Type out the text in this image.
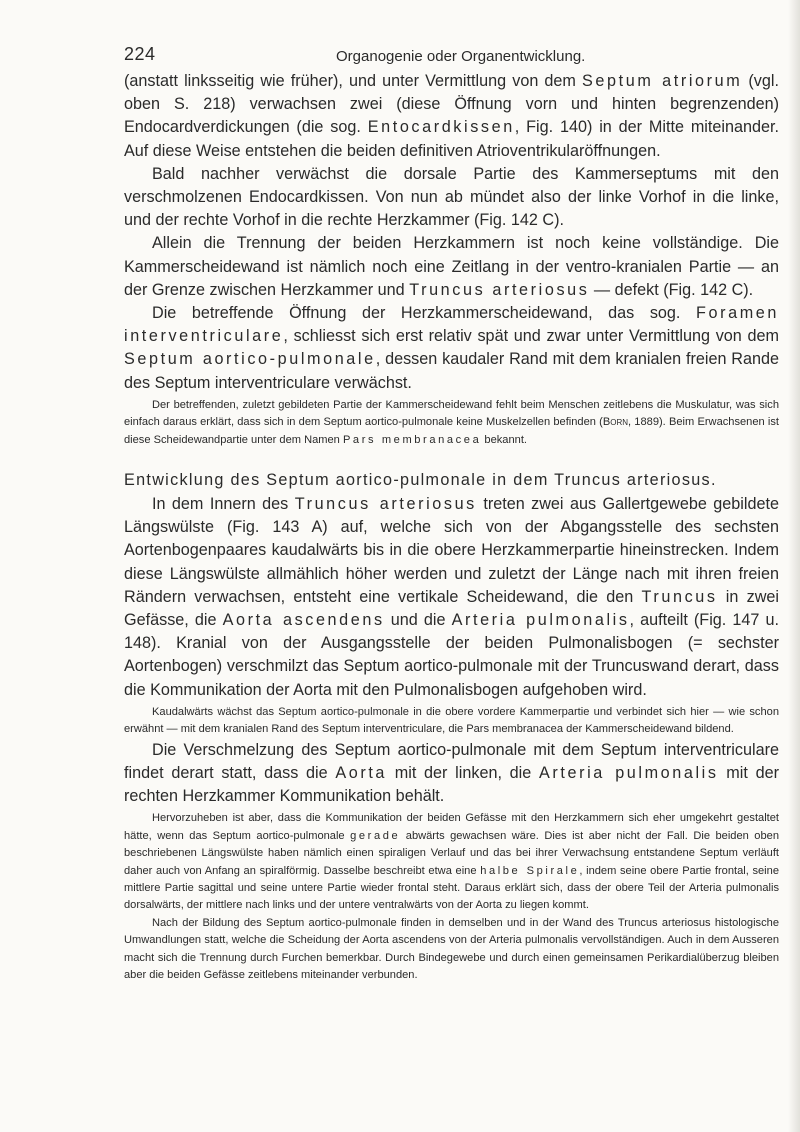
224	Organogenie oder Organentwicklung.

(anstatt linksseitig wie früher), und unter Vermittlung von dem Septum atriorum (vgl. oben S. 218) verwachsen zwei (diese Öffnung vorn und hinten begrenzenden) Endocardverdickungen (die sog. Entocardkissen, Fig. 140) in der Mitte miteinander. Auf diese Weise entstehen die beiden definitiven Atrioventrikularöffnungen.

Bald nachher verwächst die dorsale Partie des Kammerseptums mit den verschmolzenen Endocardkissen. Von nun ab mündet also der linke Vorhof in die linke, und der rechte Vorhof in die rechte Herzkammer (Fig. 142 C).

Allein die Trennung der beiden Herzkammern ist noch keine vollständige. Die Kammerscheidewand ist nämlich noch eine Zeitlang in der ventro-kranialen Partie — an der Grenze zwischen Herzkammer und Truncus arteriosus — defekt (Fig. 142 C).

Die betreffende Öffnung der Herzkammerscheidewand, das sog. Foramen interventriculare, schliesst sich erst relativ spät und zwar unter Vermittlung von dem Septum aortico-pulmonale, dessen kaudaler Rand mit dem kranialen freien Rande des Septum interventriculare verwächst.

Der betreffenden, zuletzt gebildeten Partie der Kammerscheidewand fehlt beim Menschen zeitlebens die Muskulatur, was sich einfach daraus erklärt, dass sich in dem Septum aortico-pulmonale keine Muskelzellen befinden (Born, 1889). Beim Erwachsenen ist diese Scheidewandpartie unter dem Namen Pars membranacea bekannt.

Entwicklung des Septum aortico-pulmonale in dem Truncus arteriosus.

In dem Innern des Truncus arteriosus treten zwei aus Gallertgewebe gebildete Längswülste (Fig. 143 A) auf, welche sich von der Abgangsstelle des sechsten Aortenbogenpaares kaudalwärts bis in die obere Herzkammerpartie hineinstrecken. Indem diese Längswülste allmählich höher werden und zuletzt der Länge nach mit ihren freien Rändern verwachsen, entsteht eine vertikale Scheidewand, die den Truncus in zwei Gefässe, die Aorta ascendens und die Arteria pulmonalis, aufteilt (Fig. 147 u. 148). Kranial von der Ausgangsstelle der beiden Pulmonalisbogen (= sechster Aortenbogen) verschmilzt das Septum aortico-pulmonale mit der Truncuswand derart, dass die Kommunikation der Aorta mit den Pulmonalisbogen aufgehoben wird.

Kaudalwärts wächst das Septum aortico-pulmonale in die obere vordere Kammerpartie und verbindet sich hier — wie schon erwähnt — mit dem kranialen Rand des Septum interventriculare, die Pars membranacea der Kammerscheidewand bildend.

Die Verschmelzung des Septum aortico-pulmonale mit dem Septum interventriculare findet derart statt, dass die Aorta mit der linken, die Arteria pulmonalis mit der rechten Herzkammer Kommunikation behält.

Hervorzuheben ist aber, dass die Kommunikation der beiden Gefässe mit den Herzkammern sich eher umgekehrt gestaltet hätte, wenn das Septum aortico-pulmonale gerade abwärts gewachsen wäre. Dies ist aber nicht der Fall. Die beiden oben beschriebenen Längswülste haben nämlich einen spiraligen Verlauf und das bei ihrer Verwachsung entstandene Septum verläuft daher auch von Anfang an spiralförmig. Dasselbe beschreibt etwa eine halbe Spirale, indem seine obere Partie frontal, seine mittlere Partie sagittal und seine untere Partie wieder frontal steht. Daraus erklärt sich, dass der obere Teil der Arteria pulmonalis dorsalwärts, der mittlere nach links und der untere ventralwärts von der Aorta zu liegen kommt.

Nach der Bildung des Septum aortico-pulmonale finden in demselben und in der Wand des Truncus arteriosus histologische Umwandlungen statt, welche die Scheidung der Aorta ascendens von der Arteria pulmonalis vervollständigen. Auch in dem Ausseren macht sich die Trennung durch Furchen bemerkbar. Durch Bindegewebe und durch einen gemeinsamen Perikardialüberzug bleiben aber die beiden Gefässe zeitlebens miteinander verbunden.
